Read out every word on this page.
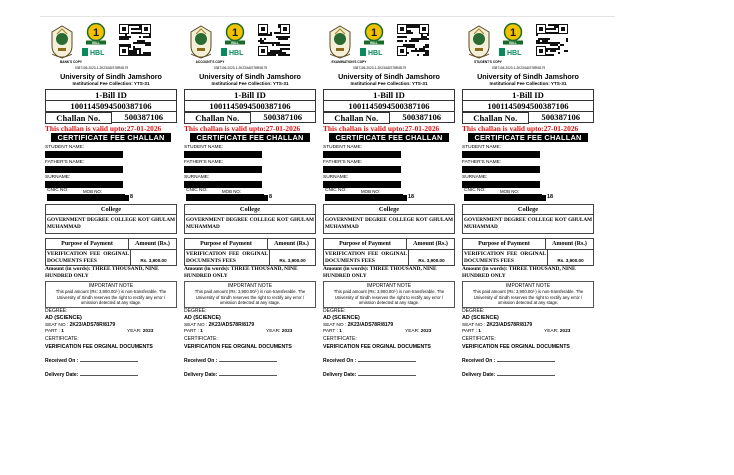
1
BILL
HBL
BANK'S COPY
0387106-2023-1-2K23/ADS78R/8179
University of Sindh Jamshoro
Institutional Fee Collection: YTS-31
1-Bill ID
1001145094500387106
Challan No.	500387106
This challan is valid upto:27-01-2026
CERTIFICATE FEE CHALLAN
STUDENT NAME:
FATHER'S NAME:
SURNAME:
CNIC NO:	MOB NO:
8
College
GOVERNMENT DEGREE COLLEGE KOT GHULAM MUHAMMAD
Purpose of Payment	Amount (Rs.)
VERIFICATION FEE ORGINAL DOCUMENTS FEES	Rs. 3,900.00
Amount (in words): THREE THOUSAND, NINE HUNDRED ONLY
IMPORTANT NOTE
This paid amount (Rs: 3,900.00/-) is non-transferable. The University of Sindh reserves the right to rectify any error / omission detected at any stage.
DEGREE:
AD (SCIENCE)
SEAT NO : 2K23/ADS78R/8179
PART : 1	YEAR: 2023
CERTIFICATE:
VERIFICATION FEE ORGINAL DOCUMENTS
Received On :
Delivery Date:
1
BILL
HBL
ACCOUNT'S COPY
0387106-2023-1-2K23/ADS78R/8179
University of Sindh Jamshoro
Institutional Fee Collection: YTS-31
1-Bill ID
1001145094500387106
Challan No.	500387106
This challan is valid upto:27-01-2026
CERTIFICATE FEE CHALLAN
STUDENT NAME:
FATHER'S NAME:
SURNAME:
CNIC NO:	MOB NO:
8
College
GOVERNMENT DEGREE COLLEGE KOT GHULAM MUHAMMAD
Purpose of Payment	Amount (Rs.)
VERIFICATION FEE ORGINAL DOCUMENTS FEES	Rs. 3,900.00
Amount (in words): THREE THOUSAND, NINE HUNDRED ONLY
IMPORTANT NOTE
This paid amount (Rs: 3,900.00/-) is non-transferable. The University of Sindh reserves the right to rectify any error / omission detected at any stage.
DEGREE:
AD (SCIENCE)
SEAT NO : 2K23/ADS78R/8179
PART : 1	YEAR: 2023
CERTIFICATE:
VERIFICATION FEE ORGINAL DOCUMENTS
Received On :
Delivery Date:
1
BILL
HBL
EXAMINATION'S COPY
0387106-2023-1-2K23/ADS78R/8179
University of Sindh Jamshoro
Institutional Fee Collection: YTS-31
1-Bill ID
1001145094500387106
Challan No.	500387106
This challan is valid upto:27-01-2026
CERTIFICATE FEE CHALLAN
STUDENT NAME:
FATHER'S NAME:
SURNAME:
CNIC NO:	MOB NO:
18
College
GOVERNMENT DEGREE COLLEGE KOT GHULAM MUHAMMAD
Purpose of Payment	Amount (Rs.)
VERIFICATION FEE ORGINAL DOCUMENTS FEES	Rs. 3,900.00
Amount (in words): THREE THOUSAND, NINE HUNDRED ONLY
IMPORTANT NOTE
This paid amount (Rs: 3,900.00/-) is non-transferable. The University of Sindh reserves the right to rectify any error / omission detected at any stage.
DEGREE:
AD (SCIENCE)
SEAT NO : 2K23/ADS78R/8179
PART : 1	YEAR: 2023
CERTIFICATE:
VERIFICATION FEE ORGINAL DOCUMENTS
Received On :
Delivery Date:
1
BILL
HBL
STUDENT'S COPY
0387106-2023-1-2K23/ADS78R/8179
University of Sindh Jamshoro
Institutional Fee Collection: YTS-31
1-Bill ID
1001145094500387106
Challan No.	500387106
This challan is valid upto:27-01-2026
CERTIFICATE FEE CHALLAN
STUDENT NAME:
FATHER'S NAME:
SURNAME:
CNIC NO:	MOB NO:
18
College
GOVERNMENT DEGREE COLLEGE KOT GHULAM MUHAMMAD
Purpose of Payment	Amount (Rs.)
VERIFICATION FEE ORGINAL DOCUMENTS FEES	Rs. 3,900.00
Amount (in words): THREE THOUSAND, NINE HUNDRED ONLY
IMPORTANT NOTE
This paid amount (Rs: 3,900.00/-) is non-transferable. The University of Sindh reserves the right to rectify any error / omission detected at any stage.
DEGREE:
AD (SCIENCE)
SEAT NO : 2K23/ADS78R/8179
PART : 1	YEAR: 2023
CERTIFICATE:
VERIFICATION FEE ORGINAL DOCUMENTS
Received On :
Delivery Date:
